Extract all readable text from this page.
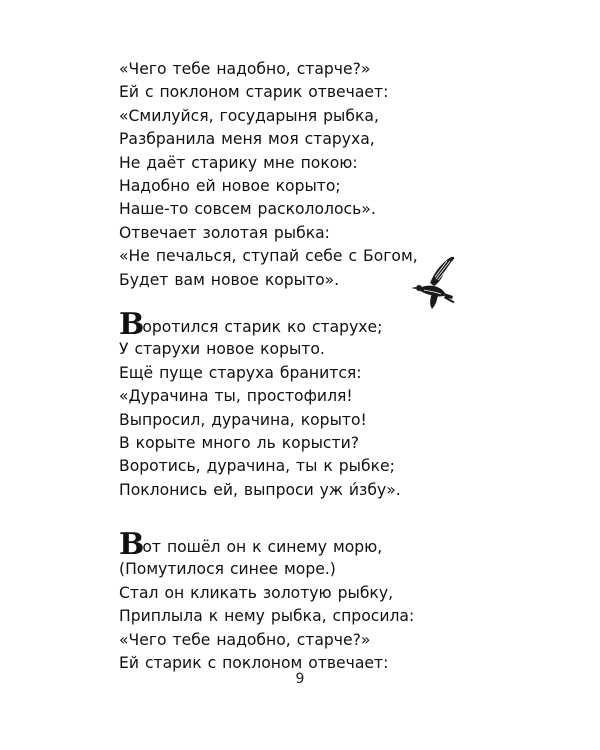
«Чего тебе надобно, старче?»
Ей с поклоном старик отвечает:
«Смилуйся, государыня рыбка,
Разбранила меня моя старуха,
Не даёт старику мне покою:
Надобно ей новое корыто;
Наше-то совсем раскололось».
Отвечает золотая рыбка:
«Не печалься, ступай себе с Богом,
Будет вам новое корыто».
Воротился старик ко старухе;
У старухи новое корыто.
Ещё пуще старуха бранится:
«Дурачина ты, простофиля!
Выпросил, дурачина, корыто!
В корыте много ль корысти?
Воротись, дурачина, ты к рыбке;
Поклонись ей, выпроси уж и́збу».
Вот пошёл он к синему морю,
(Помутилося синее море.)
Стал он кликать золотую рыбку,
Приплыла к нему рыбка, спросила:
«Чего тебе надобно, старче?»
Ей старик с поклоном отвечает:
9
